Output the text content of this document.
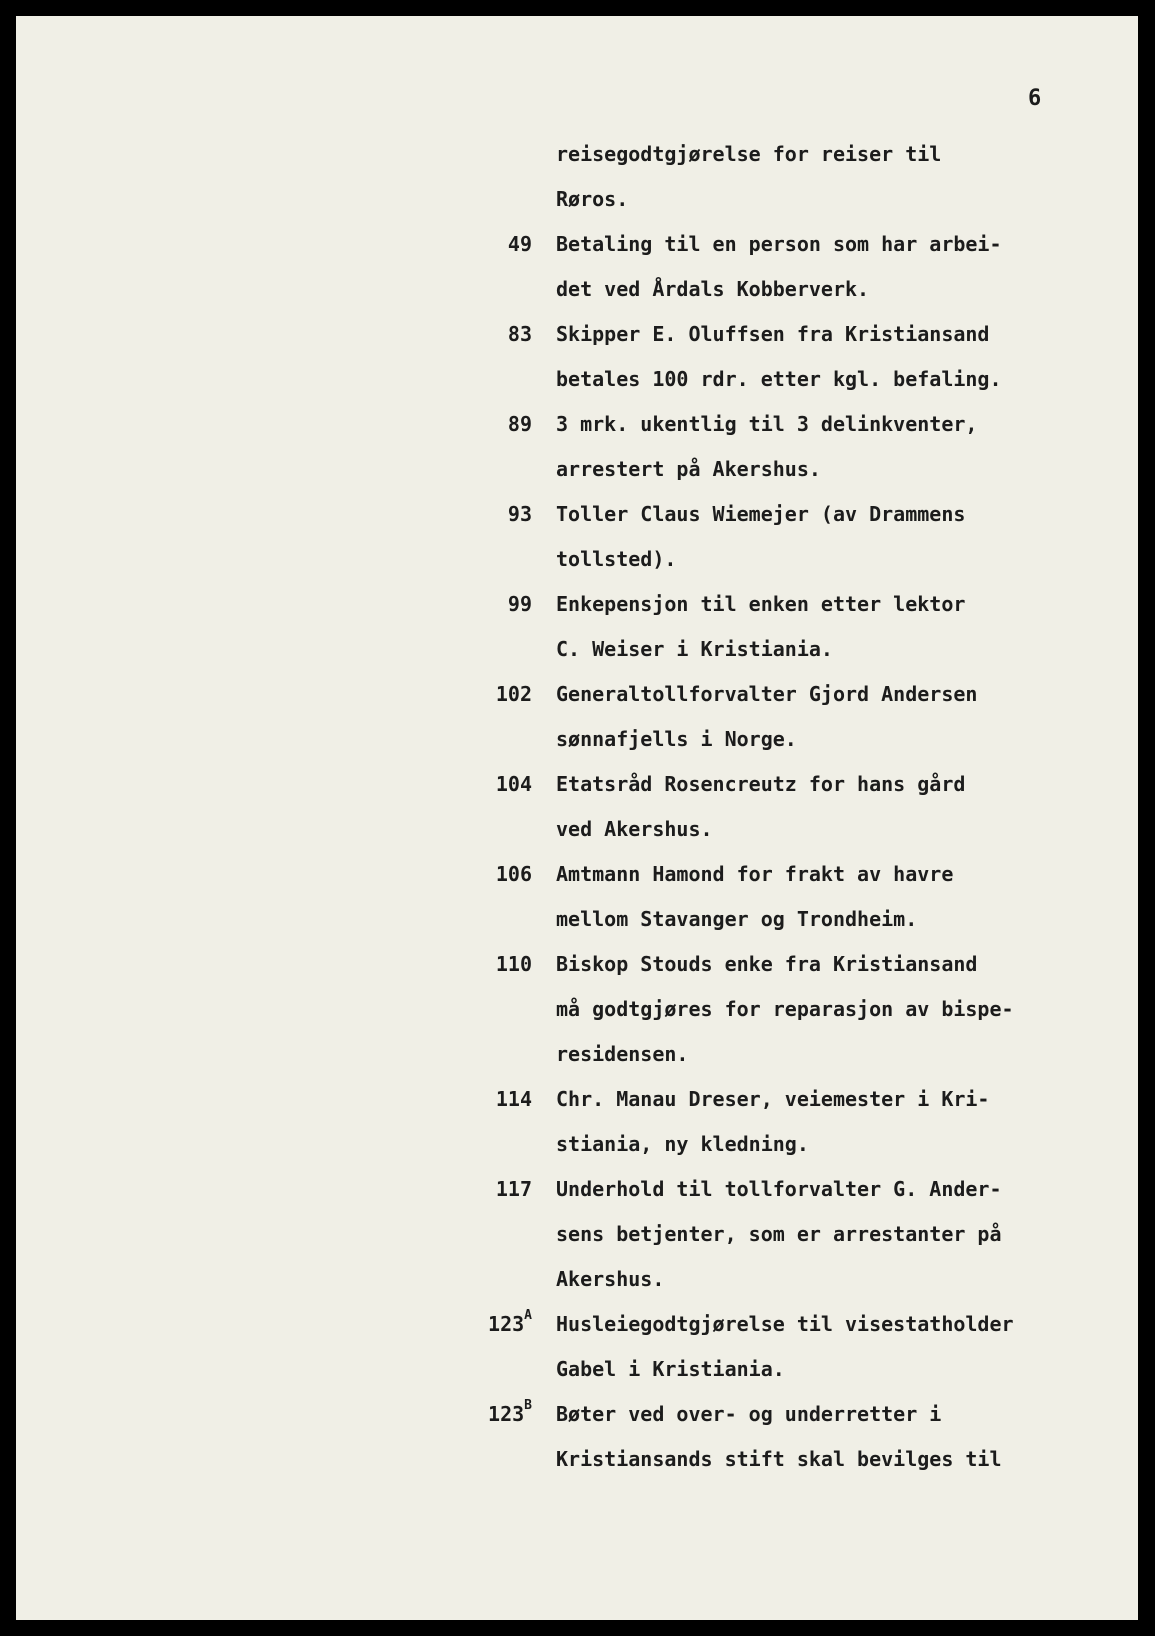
6
reisegodtgjørelse for reiser til
Røros.
49	Betaling til en person som har arbei-
det ved Årdals Kobberverk.
83	Skipper E. Oluffsen fra Kristiansand
betales 100 rdr. etter kgl. befaling.
89	3 mrk. ukentlig til 3 delinkventer,
arrestert på Akershus.
93	Toller Claus Wiemejer (av Drammens
tollsted).
99	Enkepensjon til enken etter lektor
C. Weiser i Kristiania.
102	Generaltollforvalter Gjord Andersen
sønnafjells i Norge.
104	Etatsråd Rosencreutz for hans gård
ved Akershus.
106	Amtmann Hamond for frakt av havre
mellom Stavanger og Trondheim.
110	Biskop Stouds enke fra Kristiansand
må godtgjøres for reparasjon av bispe-
residensen.
114	Chr. Manau Dreser, veiemester i Kri-
stiania, ny kledning.
117	Underhold til tollforvalter G. Ander-
sens betjenter, som er arrestanter på
Akershus.
$123^A$	Husleiegodtgjørelse til visestatholder
Gabel i Kristiania.
$123^B$	Bøter ved over- og underretter i
Kristiansands stift skal bevilges til
